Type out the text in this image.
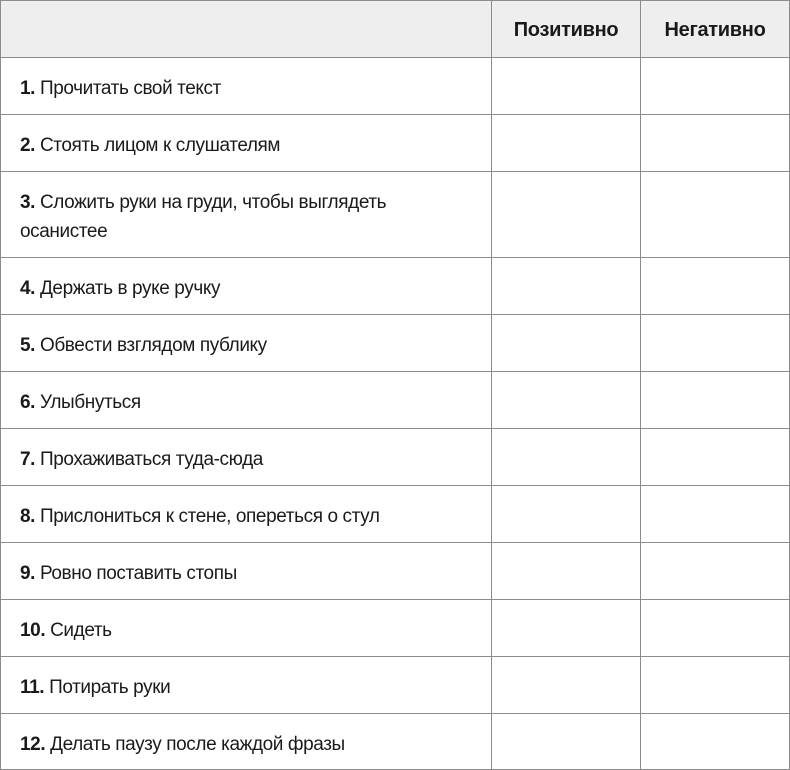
Позитивно	Негативно
1. Прочитать свой текст
2. Стоять лицом к слушателям
3. Сложить руки на груди, чтобы выглядеть осанистее
4. Держать в руке ручку
5. Обвести взглядом публику
6. Улыбнуться
7. Прохаживаться туда-сюда
8. Прислониться к стене, опереться о стул
9. Ровно поставить стопы
10. Сидеть
11. Потирать руки
12. Делать паузу после каждой фразы
